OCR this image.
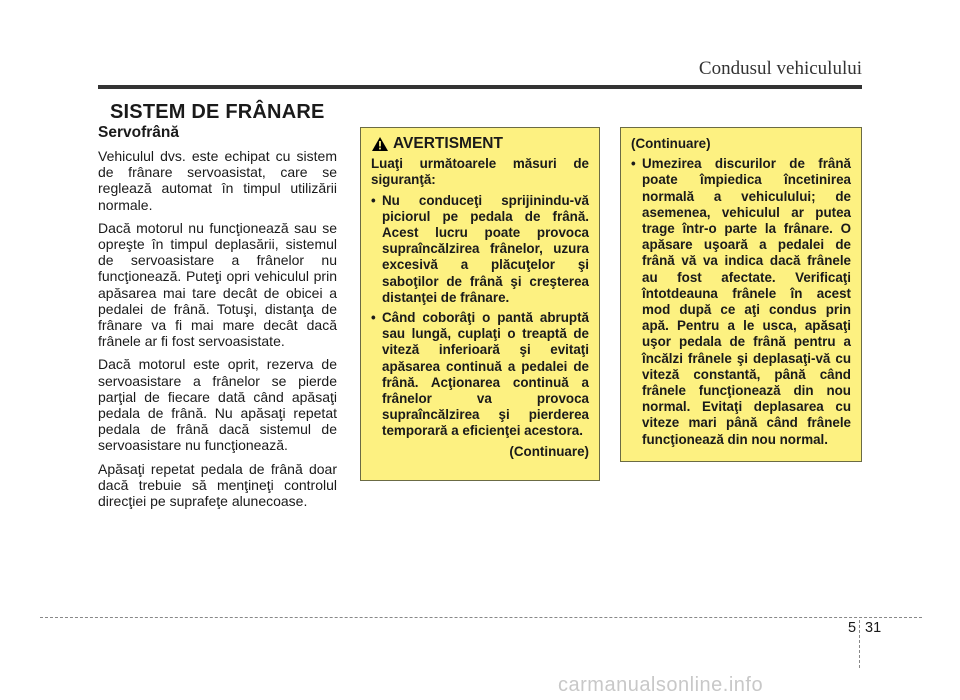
Condusul vehiculului
SISTEM DE FRÂNARE
Servofrână

Vehiculul dvs. este echipat cu sistem de frânare servoasistat, care se reglează automat în timpul utilizării normale.

Dacă motorul nu funcţionează sau se opreşte în timpul deplasării, sistemul de servoasistare a frânelor nu funcţionează. Puteţi opri vehiculul prin apăsarea mai tare decât de obicei a pedalei de frână. Totuşi, distanţa de frânare va fi mai mare decât dacă frânele ar fi fost servoasistate.

Dacă motorul este oprit, rezerva de servoasistare a frânelor se pierde parţial de fiecare dată când apăsaţi pedala de frână. Nu apăsaţi repetat pedala de frână dacă sistemul de servoasistare nu funcţionează.

Apăsaţi repetat pedala de frână doar dacă trebuie să menţineţi controlul direcţiei pe suprafeţe alunecoase.

AVERTISMENT

Luaţi următoarele măsuri de siguranţă:

• Nu conduceţi sprijinindu-vă piciorul pe pedala de frână. Acest lucru poate provoca supraîncălzirea frânelor, uzura excesivă a plăcuţelor şi saboţilor de frână şi creşterea distanţei de frânare.
• Când coborâţi o pantă abruptă sau lungă, cuplaţi o treaptă de viteză inferioară şi evitaţi apăsarea continuă a pedalei de frână. Acţionarea continuă a frânelor va provoca supraîncălzirea şi pierderea temporară a eficienţei acestora.
(Continuare)

(Continuare)

• Umezirea discurilor de frână poate împiedica încetinirea normală a vehiculului; de asemenea, vehiculul ar putea trage într-o parte la frânare. O apăsare uşoară a pedalei de frână vă va indica dacă frânele au fost afectate. Verificaţi întotdeauna frânele în acest mod după ce aţi condus prin apă. Pentru a le usca, apăsaţi uşor pedala de frână pentru a încălzi frânele şi deplasaţi-vă cu viteză constantă, până când frânele funcţionează din nou normal. Evitaţi deplasarea cu viteze mari până când frânele funcţionează din nou normal.
5 31
carmanualsonline.info
